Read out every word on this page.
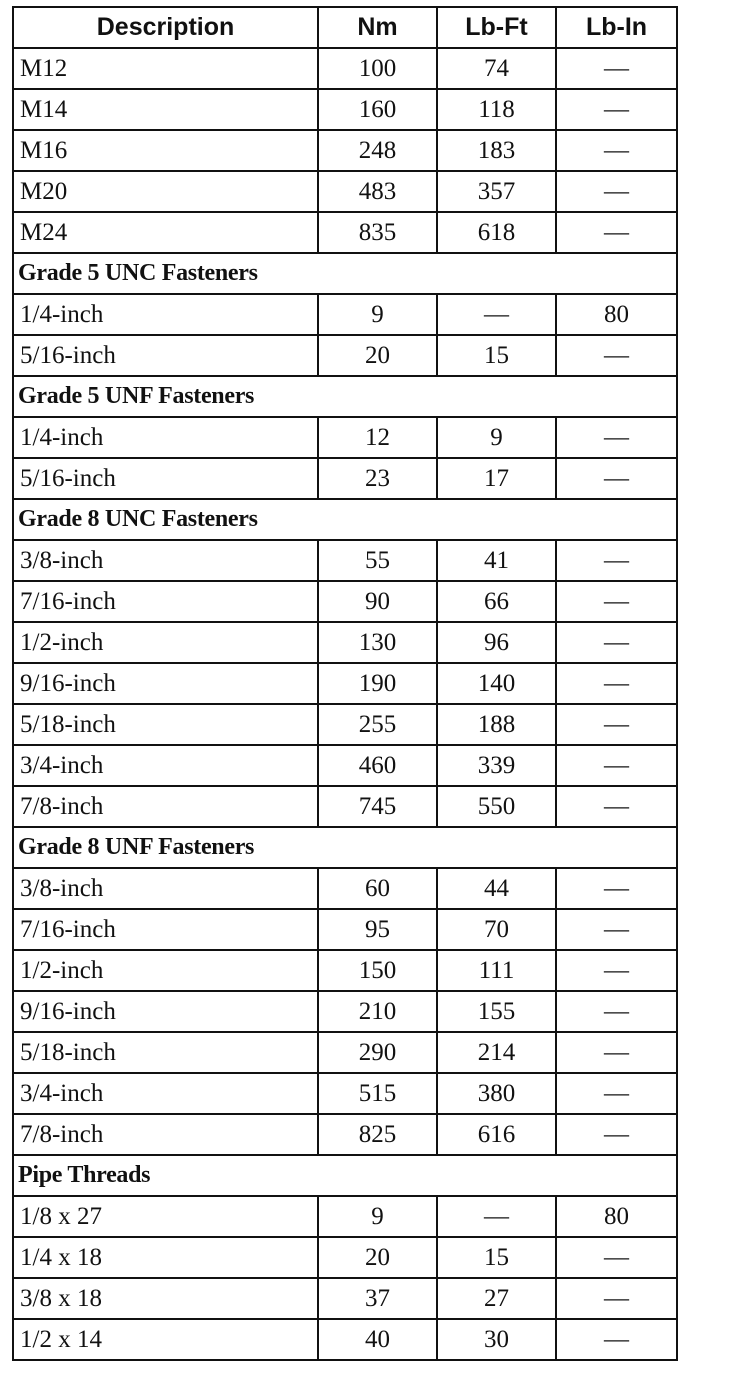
Description	Nm	Lb-Ft	Lb-In
M12	100	74	—
M14	160	118	—
M16	248	183	—
M20	483	357	—
M24	835	618	—
Grade 5 UNC Fasteners			
1/4-inch	9	—	80
5/16-inch	20	15	—
Grade 5 UNF Fasteners			
1/4-inch	12	9	—
5/16-inch	23	17	—
Grade 8 UNC Fasteners			
3/8-inch	55	41	—
7/16-inch	90	66	—
1/2-inch	130	96	—
9/16-inch	190	140	—
5/18-inch	255	188	—
3/4-inch	460	339	—
7/8-inch	745	550	—
Grade 8 UNF Fasteners			
3/8-inch	60	44	—
7/16-inch	95	70	—
1/2-inch	150	111	—
9/16-inch	210	155	—
5/18-inch	290	214	—
3/4-inch	515	380	—
7/8-inch	825	616	—
Pipe Threads			
1/8 x 27	9	—	80
1/4 x 18	20	15	—
3/8 x 18	37	27	—
1/2 x 14	40	30	—
